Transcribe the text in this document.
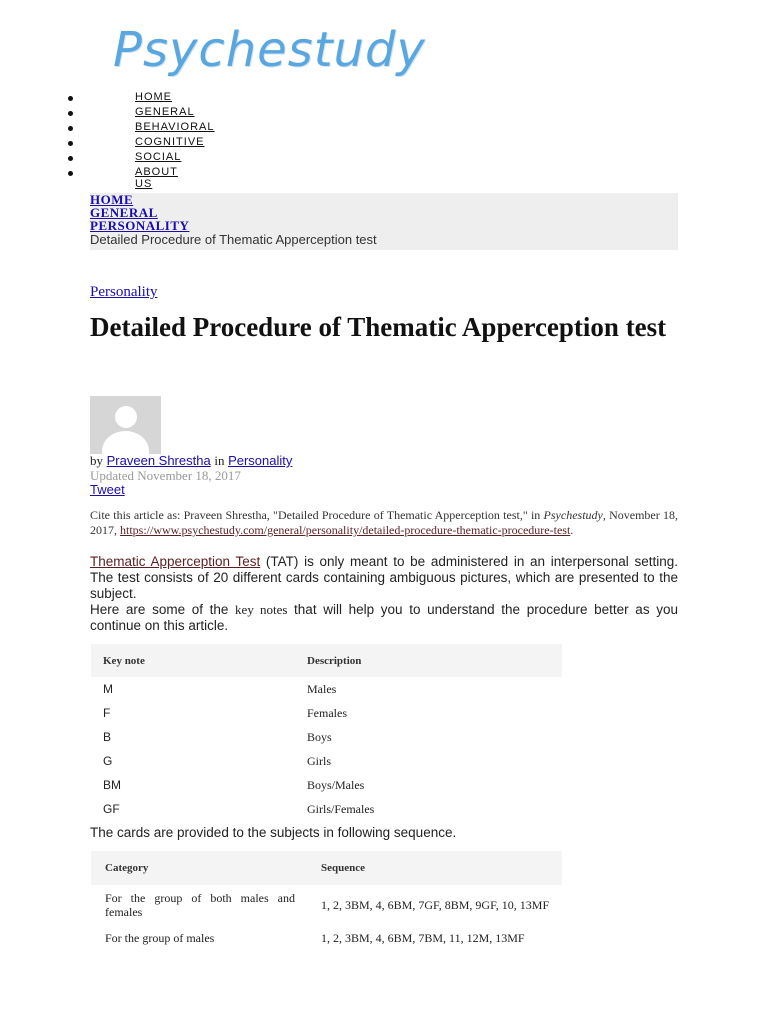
Psychestudy
HOME
GENERAL
BEHAVIORAL
COGNITIVE
SOCIAL
ABOUT US
HOME
GENERAL
PERSONALITY
Detailed Procedure of Thematic Apperception test
Personality
Detailed Procedure of Thematic Apperception test
by Praveen Shrestha in Personality
Updated November 18, 2017
Tweet
Cite this article as: Praveen Shrestha, "Detailed Procedure of Thematic Apperception test," in Psychestudy, November 18, 2017, https://www.psychestudy.com/general/personality/detailed-procedure-thematic-procedure-test.
Thematic Apperception Test (TAT) is only meant to be administered in an interpersonal setting. The test consists of 20 different cards containing ambiguous pictures, which are presented to the subject.
Here are some of the key notes that will help you to understand the procedure better as you continue on this article.
Key note	Description
M	Males
F	Females
B	Boys
G	Girls
BM	Boys/Males
GF	Girls/Females
The cards are provided to the subjects in following sequence.
Category	Sequence
For the group of both males and females	1, 2, 3BM, 4, 6BM, 7GF, 8BM, 9GF, 10, 13MF
For the group of males	1, 2, 3BM, 4, 6BM, 7BM, 11, 12M, 13MF
